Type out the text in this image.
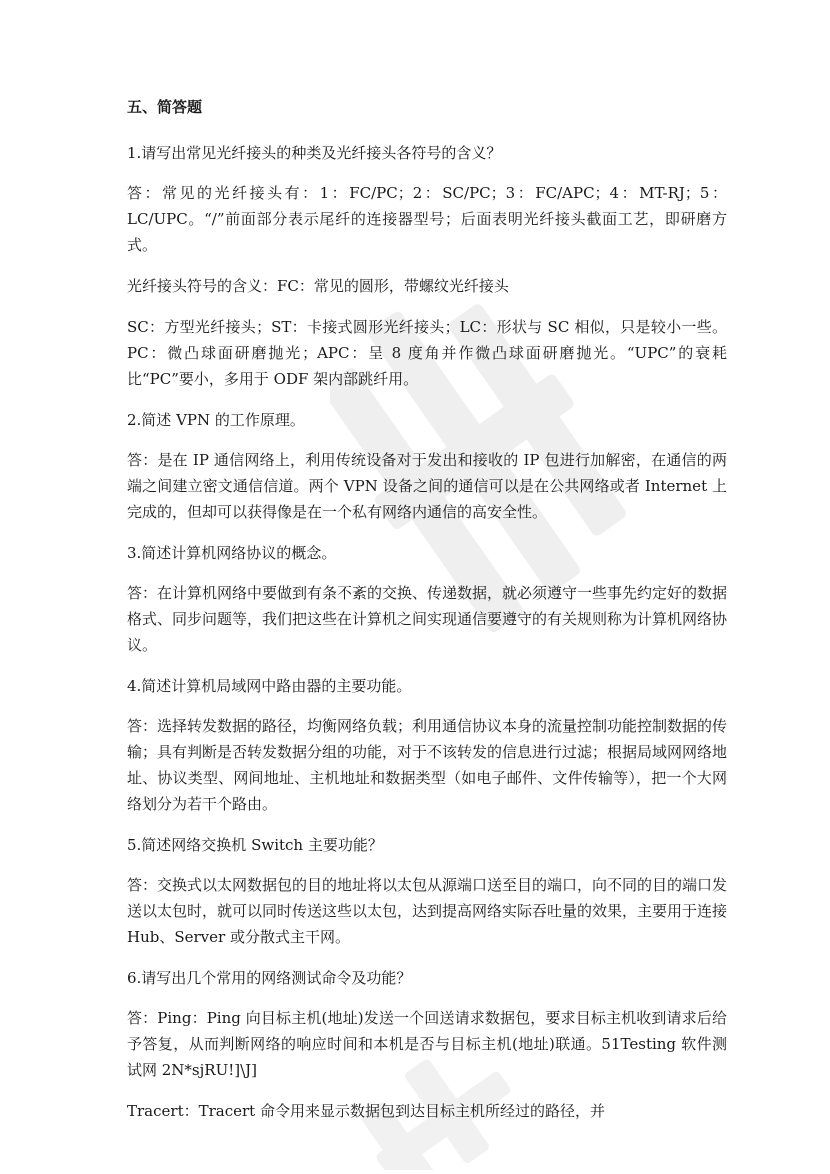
五、简答题
1.请写出常见光纤接头的种类及光纤接头各符号的含义？
答：常见的光纤接头有：1：FC/PC；2：SC/PC；3：FC/APC；4：MT-RJ；5：LC/UPC。“/”前面部分表示尾纤的连接器型号；后面表明光纤接头截面工艺，即研磨方式。
光纤接头符号的含义：FC：常见的圆形，带螺纹光纤接头
SC：方型光纤接头；ST：卡接式圆形光纤接头；LC：形状与 SC 相似，只是较小一些。PC：微凸球面研磨抛光；APC：呈 8 度角并作微凸球面研磨抛光。“UPC”的衰耗比“PC”要小，多用于 ODF 架内部跳纤用。
2.简述 VPN 的工作原理。
答：是在 IP 通信网络上，利用传统设备对于发出和接收的 IP 包进行加解密，在通信的两端之间建立密文通信信道。两个 VPN 设备之间的通信可以是在公共网络或者 Internet 上完成的，但却可以获得像是在一个私有网络内通信的高安全性。
3.简述计算机网络协议的概念。
答：在计算机网络中要做到有条不紊的交换、传递数据，就必须遵守一些事先约定好的数据格式、同步问题等，我们把这些在计算机之间实现通信要遵守的有关规则称为计算机网络协议。
4.简述计算机局域网中路由器的主要功能。
答：选择转发数据的路径，均衡网络负载；利用通信协议本身的流量控制功能控制数据的传输；具有判断是否转发数据分组的功能，对于不该转发的信息进行过滤；根据局域网网络地址、协议类型、网间地址、主机地址和数据类型（如电子邮件、文件传输等），把一个大网络划分为若干个路由。
5.简述网络交换机 Switch 主要功能？
答：交换式以太网数据包的目的地址将以太包从源端口送至目的端口，向不同的目的端口发送以太包时，就可以同时传送这些以太包，达到提高网络实际吞吐量的效果，主要用于连接 Hub、Server 或分散式主干网。
6.请写出几个常用的网络测试命令及功能？
答：Ping：Ping 向目标主机(地址)发送一个回送请求数据包，要求目标主机收到请求后给予答复，从而判断网络的响应时间和本机是否与目标主机(地址)联通。51Testing 软件测试网 2N*sjRU!]\J]
Tracert：Tracert 命令用来显示数据包到达目标主机所经过的路径，并
